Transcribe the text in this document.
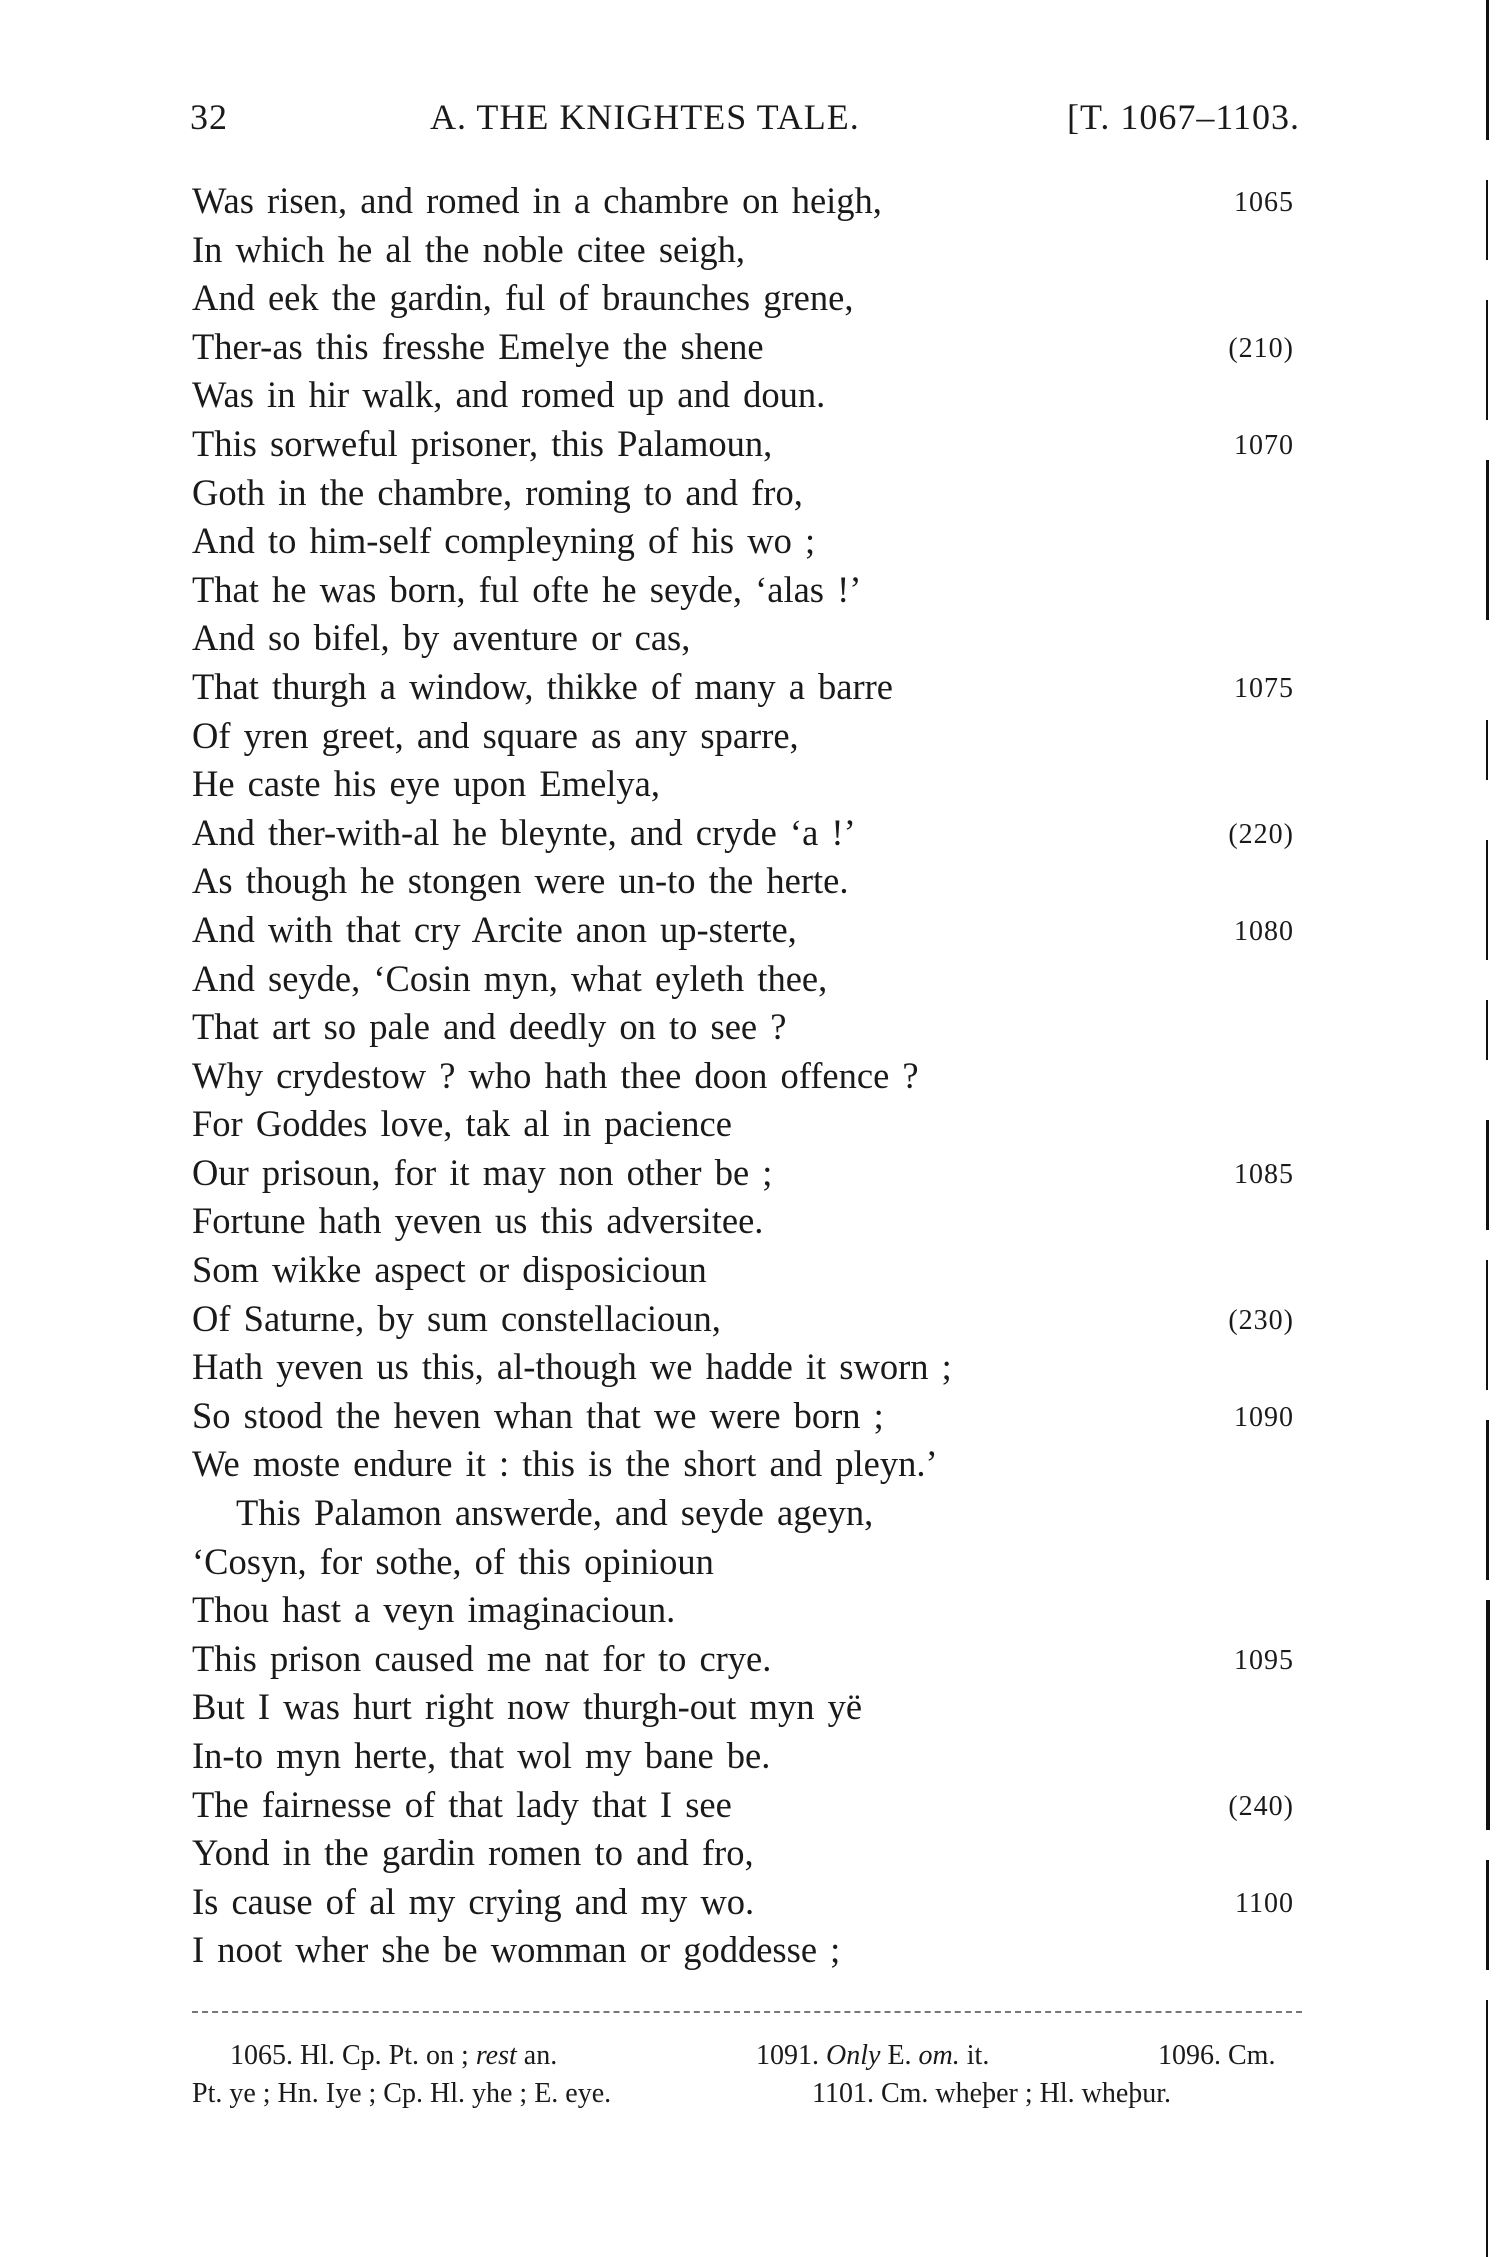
32	A. THE KNIGHTES TALE.	[T. 1067–1103.
Was risen, and romed in a chambre on heigh,	1065
In which he al the noble citee seigh,
And eek the gardin, ful of braunches grene,
Ther-as this fresshe Emelye the shene	(210)
Was in hir walk, and romed up and doun.
This sorweful prisoner, this Palamoun,	1070
Goth in the chambre, roming to and fro,
And to him-self compleyning of his wo ;
That he was born, ful ofte he seyde, ‘alas !’
And so bifel, by aventure or cas,
That thurgh a window, thikke of many a barre	1075
Of yren greet, and square as any sparre,
He caste his eye upon Emelya,
And ther-with-al he bleynte, and cryde ‘a !’	(220)
As though he stongen were un-to the herte.
And with that cry Arcite anon up-sterte,	1080
And seyde, ‘Cosin myn, what eyleth thee,
That art so pale and deedly on to see ?
Why crydestow ? who hath thee doon offence ?
For Goddes love, tak al in pacience
Our prisoun, for it may non other be ;	1085
Fortune hath yeven us this adversitee.
Som wikke aspect or disposicioun
Of Saturne, by sum constellacioun,	(230)
Hath yeven us this, al-though we hadde it sworn ;
So stood the heven whan that we were born ;	1090
We moste endure it : this is the short and pleyn.’
This Palamon answerde, and seyde ageyn,
‘Cosyn, for sothe, of this opinioun
Thou hast a veyn imaginacioun.
This prison caused me nat for to crye.	1095
But I was hurt right now thurgh-out myn yë
In-to myn herte, that wol my bane be.
The fairnesse of that lady that I see	(240)
Yond in the gardin romen to and fro,
Is cause of al my crying and my wo.	1100
I noot wher she be womman or goddesse ;
1065. Hl. Cp. Pt. on ; rest an.	1091. Only E. om. it.	1096. Cm.
Pt. ye ; Hn. Iye ; Cp. Hl. yhe ; E. eye.	1101. Cm. wheþer ; Hl. wheþur.
